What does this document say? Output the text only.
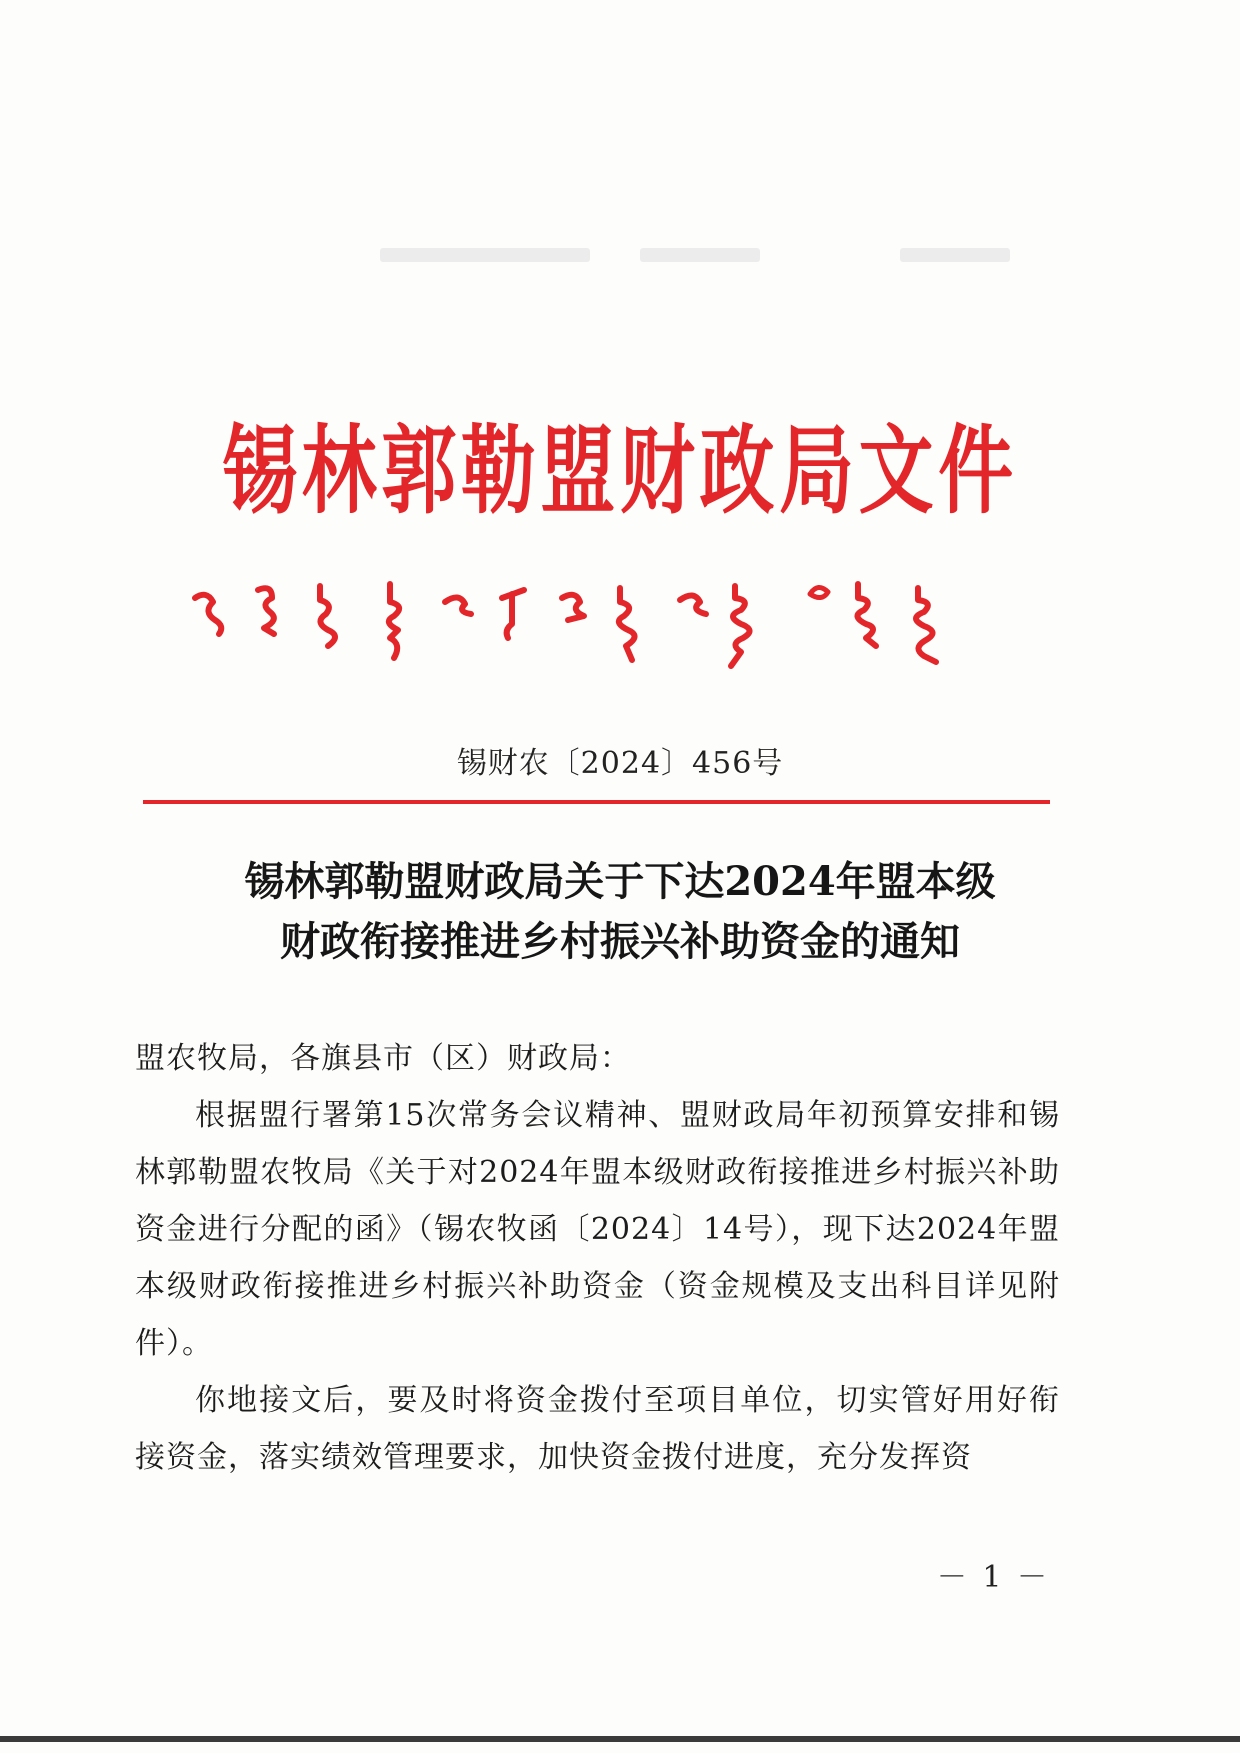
锡林郭勒盟财政局文件
锡财农〔2024〕456号
锡林郭勒盟财政局关于下达2024年盟本级
财政衔接推进乡村振兴补助资金的通知

盟农牧局，各旗县市（区）财政局：

根据盟行署第15次常务会议精神、盟财政局年初预算安排和锡林郭勒盟农牧局《关于对2024年盟本级财政衔接推进乡村振兴补助资金进行分配的函》（锡农牧函〔2024〕14号），现下达2024年盟本级财政衔接推进乡村振兴补助资金（资金规模及支出科目详见附件）。

你地接文后，要及时将资金拨付至项目单位，切实管好用好衔接资金，落实绩效管理要求，加快资金拨付进度，充分发挥资

－ 1 －
